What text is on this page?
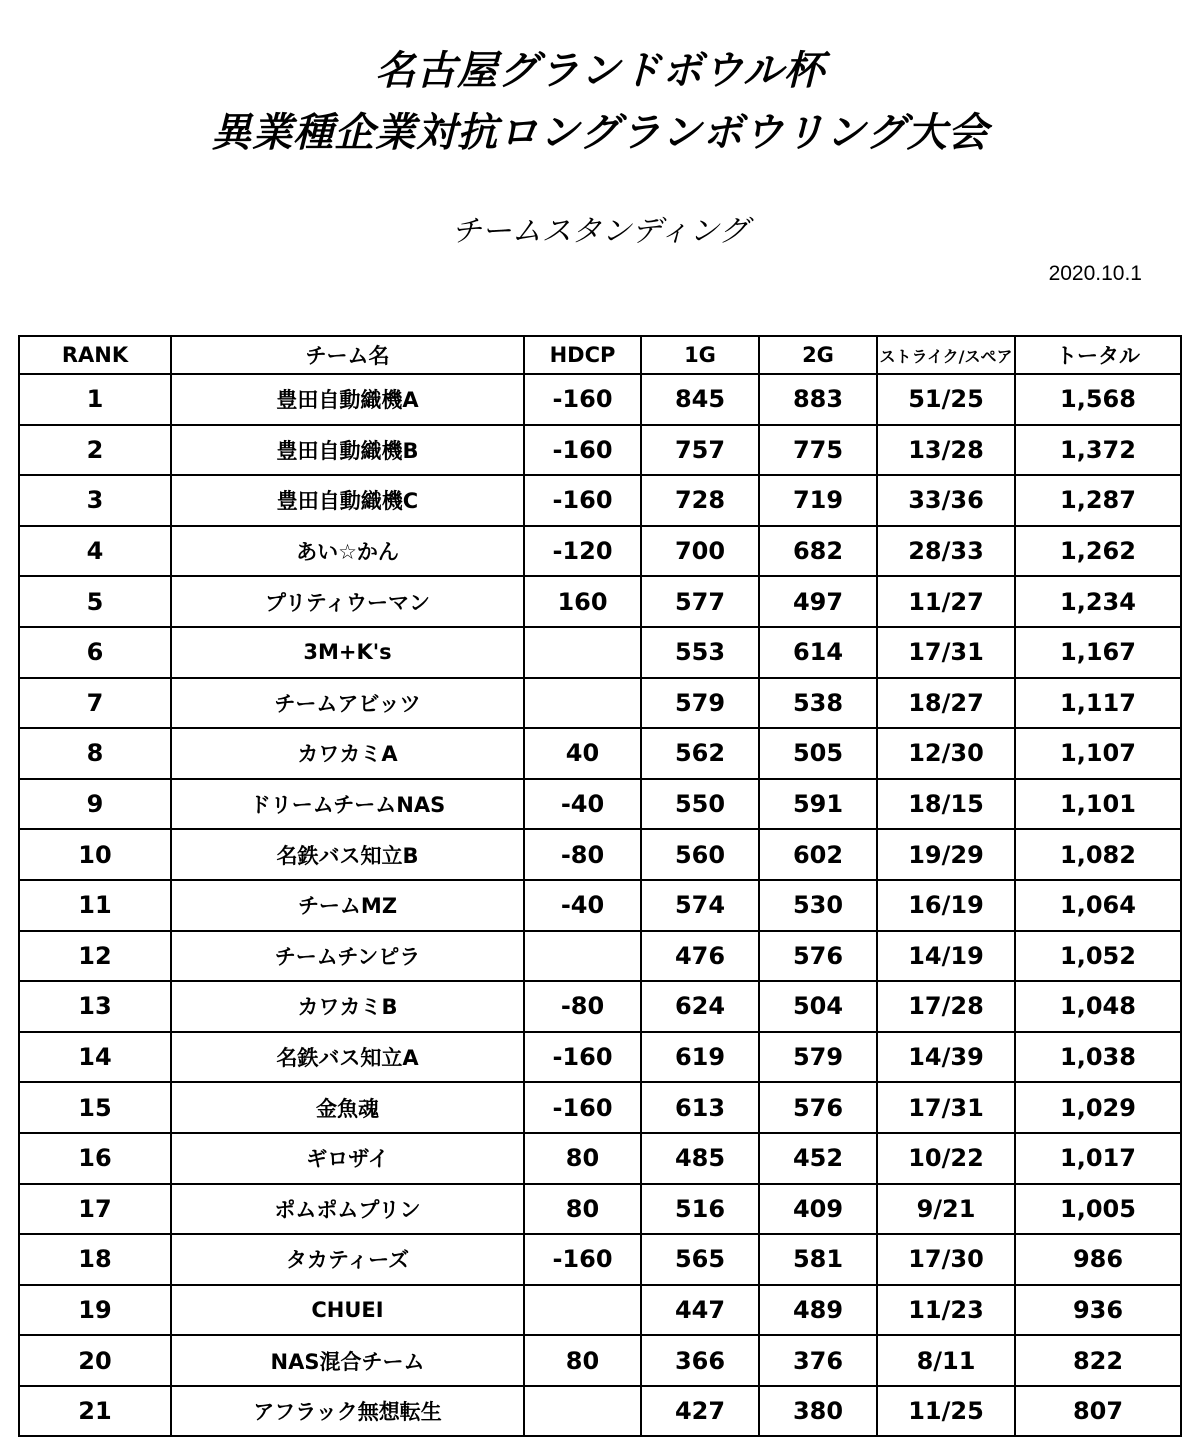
名古屋グランドボウル杯
異業種企業対抗ロングランボウリング大会
チームスタンディング
2020.10.1
RANK	チーム名	HDCP	1G	2G	ストライク/スペア	トータル
1	豊田自動織機A	-160	845	883	51/25	1,568
2	豊田自動織機B	-160	757	775	13/28	1,372
3	豊田自動織機C	-160	728	719	33/36	1,287
4	あい☆かん	-120	700	682	28/33	1,262
5	プリティウーマン	160	577	497	11/27	1,234
6	3M+K's		553	614	17/31	1,167
7	チームアビッツ		579	538	18/27	1,117
8	カワカミA	40	562	505	12/30	1,107
9	ドリームチームNAS	-40	550	591	18/15	1,101
10	名鉄バス知立B	-80	560	602	19/29	1,082
11	チームMZ	-40	574	530	16/19	1,064
12	チームチンピラ		476	576	14/19	1,052
13	カワカミB	-80	624	504	17/28	1,048
14	名鉄バス知立A	-160	619	579	14/39	1,038
15	金魚魂	-160	613	576	17/31	1,029
16	ギロザイ	80	485	452	10/22	1,017
17	ポムポムプリン	80	516	409	9/21	1,005
18	タカティーズ	-160	565	581	17/30	986
19	CHUEI		447	489	11/23	936
20	NAS混合チーム	80	366	376	8/11	822
21	アフラック無想転生		427	380	11/25	807
